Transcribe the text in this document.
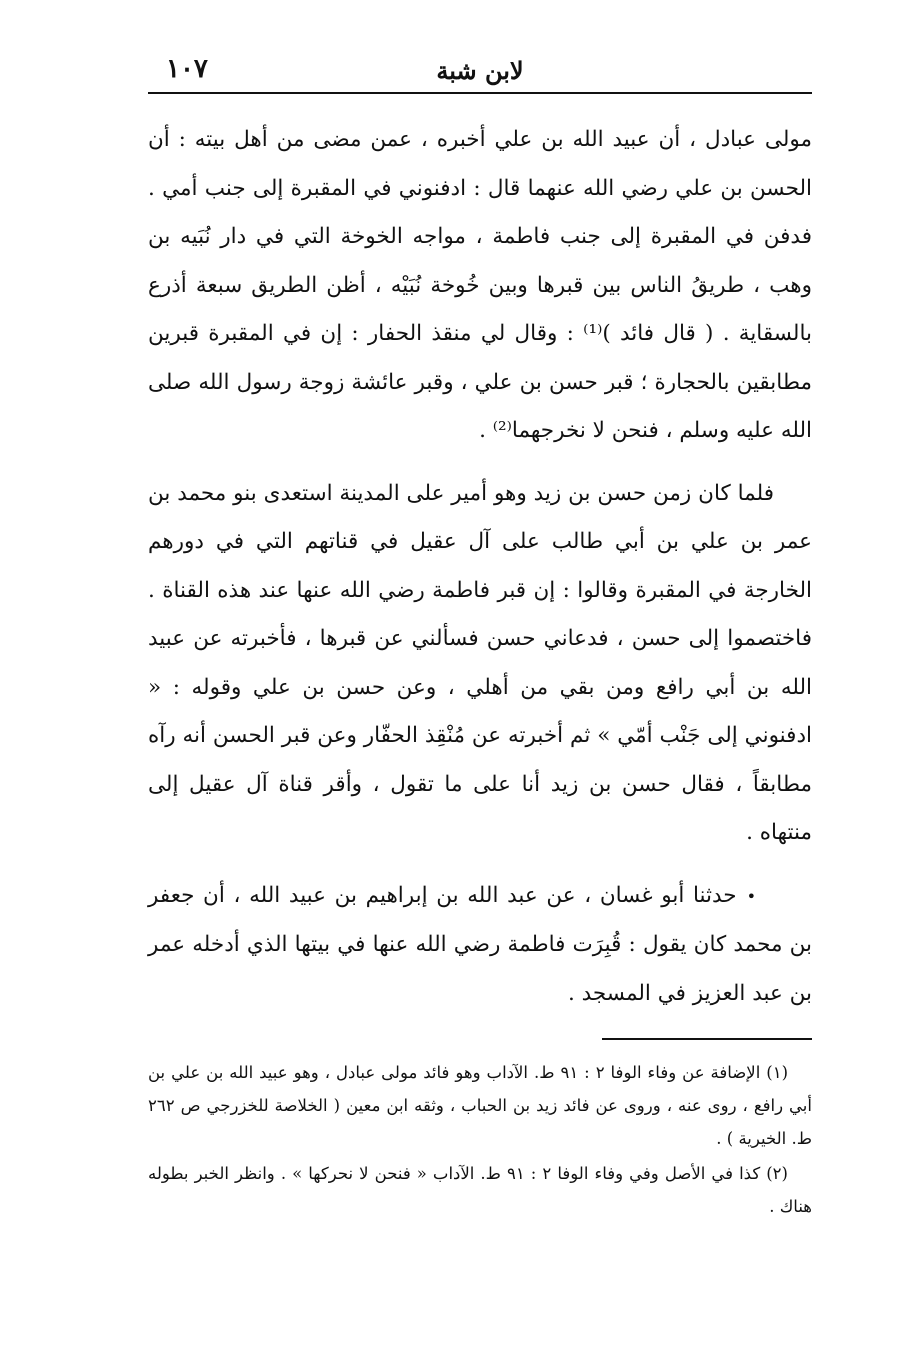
لابن شبة
١٠٧

مولى عبادل ، أن عبيد الله بن علي أخبره ، عمن مضى من أهل بيته : أن الحسن بن علي رضي الله عنهما قال : ادفنوني في المقبرة إلى جنب أمي . فدفن في المقبرة إلى جنب فاطمة ، مواجه الخوخة التي في دار نُبَيه بن وهب ، طريقُ الناس بين قبرها وبين خُوخة نُبَيْه ، أظن الطريق سبعة أذرع بالسقاية . ( قال فائد )⁽¹⁾ : وقال لي منقذ الحفار : إن في المقبرة قبرين مطابقين بالحجارة ؛ قبر حسن بن علي ، وقبر عائشة زوجة رسول الله صلى الله عليه وسلم ، فنحن لا نخرجهما⁽²⁾ .

فلما كان زمن حسن بن زيد وهو أمير على المدينة استعدى بنو محمد بن عمر بن علي بن أبي طالب على آل عقيل في قناتهم التي في دورهم الخارجة في المقبرة وقالوا : إن قبر فاطمة رضي الله عنها عند هذه القناة . فاختصموا إلى حسن ، فدعاني حسن فسألني عن قبرها ، فأخبرته عن عبيد الله بن أبي رافع ومن بقي من أهلي ، وعن حسن بن علي وقوله : « ادفنوني إلى جَنْب أمّي » ثم أخبرته عن مُنْقِذ الحفّار وعن قبر الحسن أنه رآه مطابقاً ، فقال حسن بن زيد أنا على ما تقول ، وأقر قناة آل عقيل إلى منتهاه .

•حدثنا أبو غسان ، عن عبد الله بن إبراهيم بن عبيد الله ، أن جعفر بن محمد كان يقول : قُبِرَت فاطمة رضي الله عنها في بيتها الذي أدخله عمر بن عبد العزيز في المسجد .

(١) الإضافة عن وفاء الوفا ٢ : ٩١ ط. الآداب وهو فائد مولى عبادل ، وهو عبيد الله بن علي بن أبي رافع ، روى عنه ، وروى عن فائد زيد بن الحباب ، وثقه ابن معين ( الخلاصة للخزرجي ص ٢٦٢ ط. الخيرية ) .

(٢) كذا في الأصل وفي وفاء الوفا ٢ : ٩١ ط. الآداب « فنحن لا نحركها » . وانظر الخبر بطوله هناك .
